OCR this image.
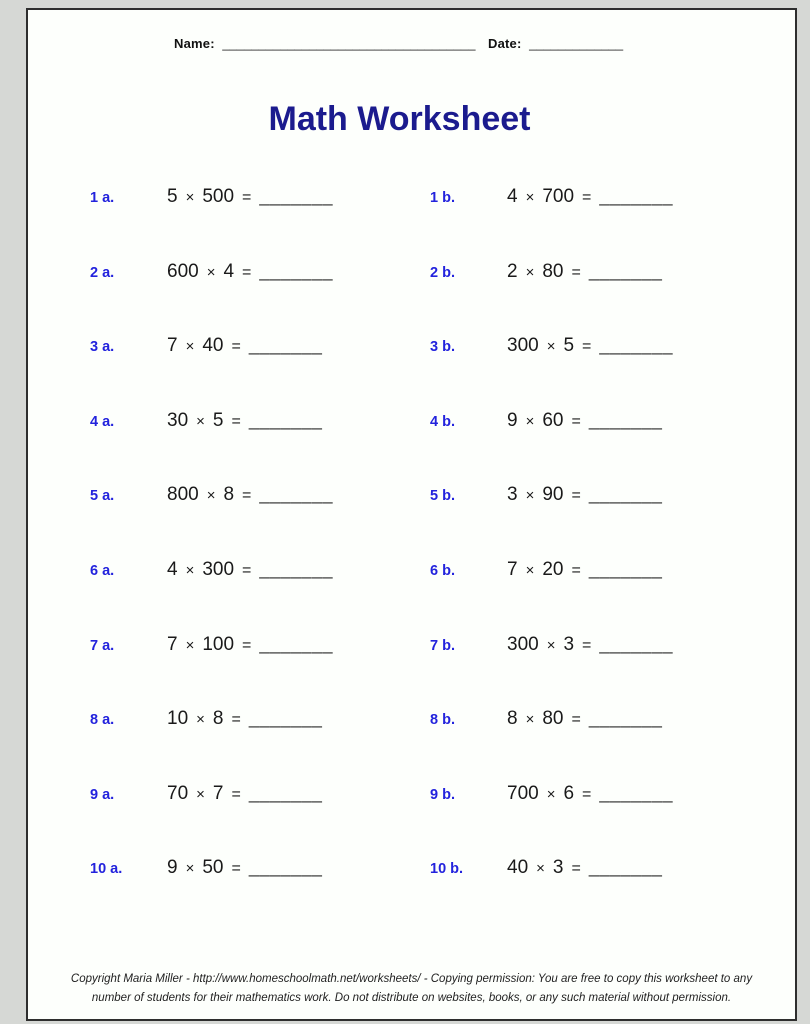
Name: ___________________________________ Date: _____________
Math Worksheet
1 a.	5 × 500 = _______	1 b.	4 × 700 = _______
2 a.	600 × 4 = _______	2 b.	2 × 80 = _______
3 a.	7 × 40 = _______	3 b.	300 × 5 = _______
4 a.	30 × 5 = _______	4 b.	9 × 60 = _______
5 a.	800 × 8 = _______	5 b.	3 × 90 = _______
6 a.	4 × 300 = _______	6 b.	7 × 20 = _______
7 a.	7 × 100 = _______	7 b.	300 × 3 = _______
8 a.	10 × 8 = _______	8 b.	8 × 80 = _______
9 a.	70 × 7 = _______	9 b.	700 × 6 = _______
10 a.	9 × 50 = _______	10 b.	40 × 3 = _______
Copyright Maria Miller - http://www.homeschoolmath.net/worksheets/ - Copying permission: You are free to copy this worksheet to any
number of students for their mathematics work. Do not distribute on websites, books, or any such material without permission.
